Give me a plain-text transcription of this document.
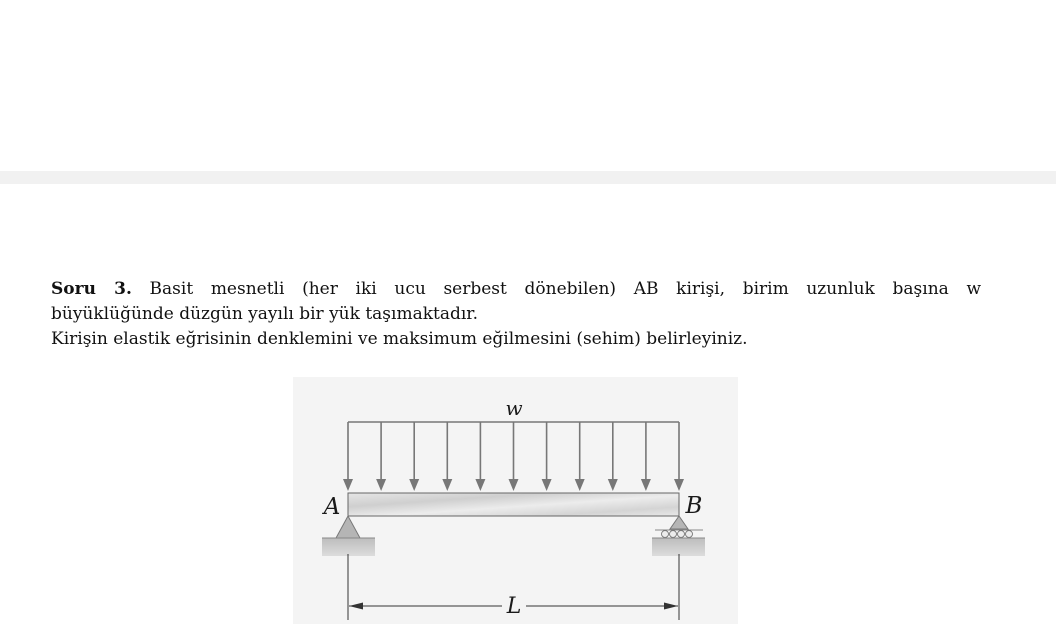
Soru 3. Basit mesnetli (her iki ucu serbest dönebilen) AB kirişi, birim uzunluk başına w

büyüklüğünde düzgün yayılı bir yük taşımaktadır.

Kirişin elastik eğrisinin denklemini ve maksimum eğilmesini (sehim) belirleyiniz.

w
A	B
L
